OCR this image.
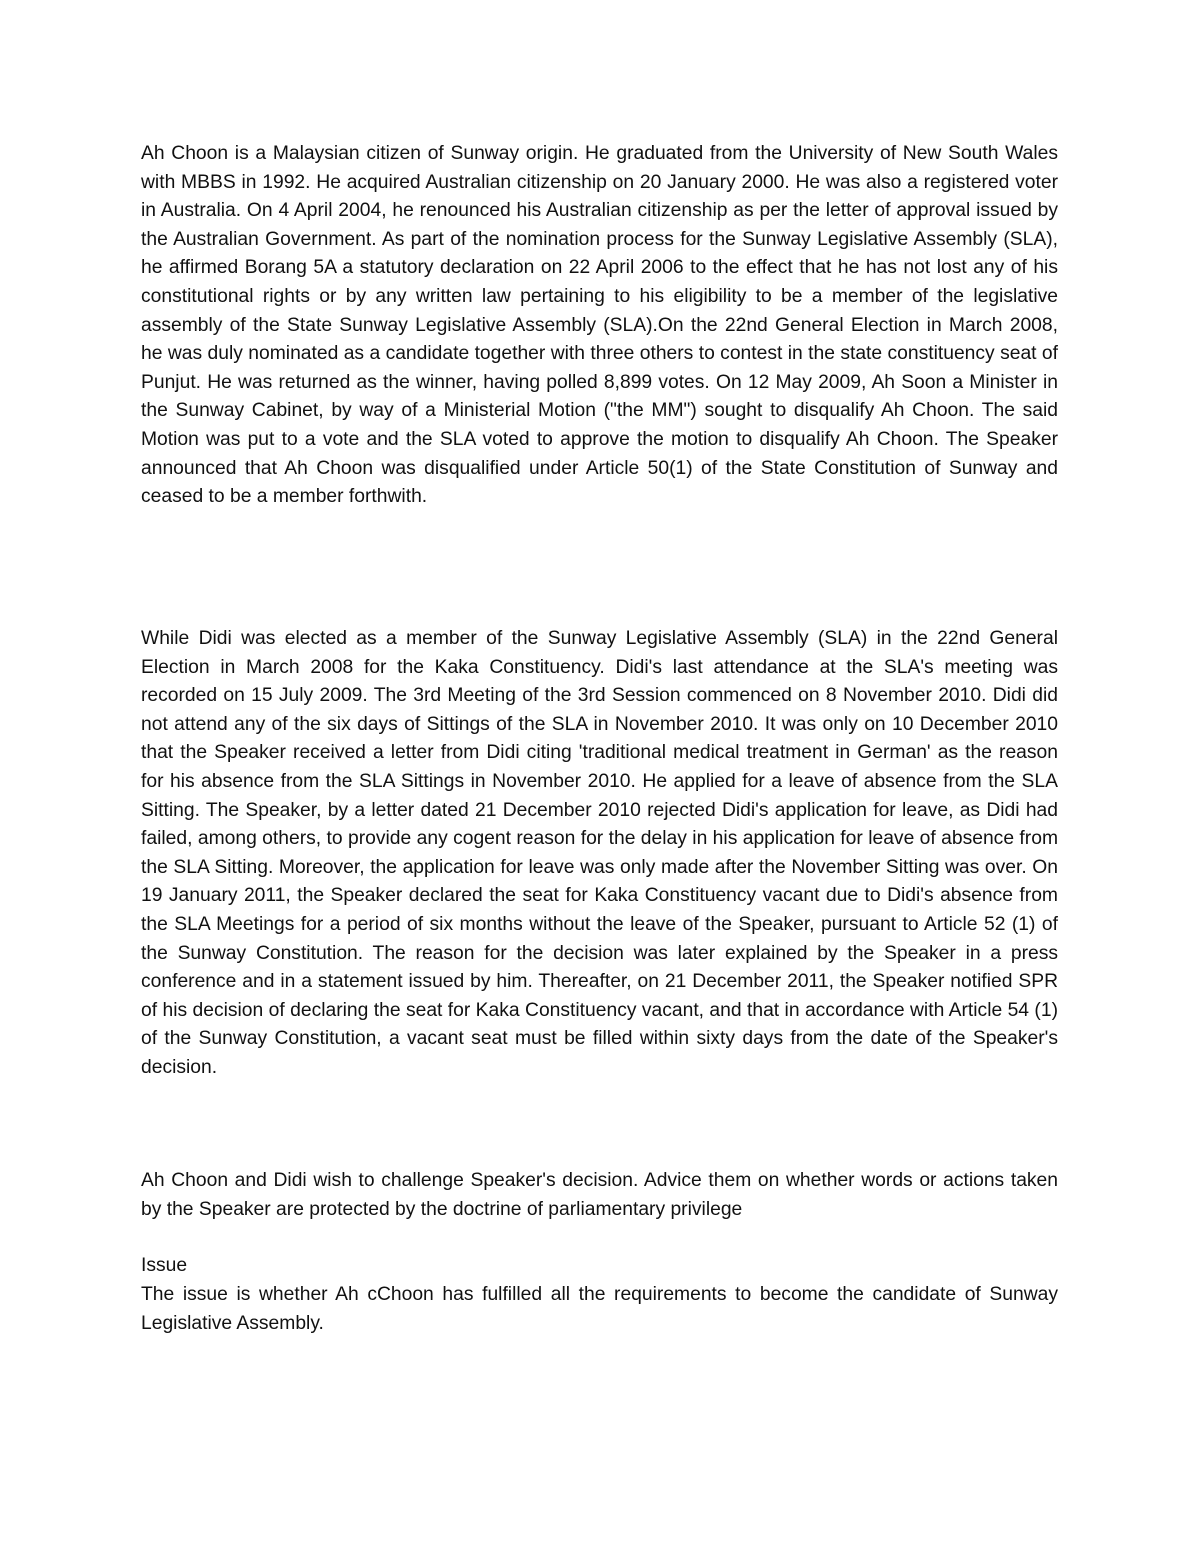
Ah Choon is a Malaysian citizen of Sunway origin. He graduated from the University of New South Wales with MBBS in 1992. He acquired Australian citizenship on 20 January 2000. He was also a registered voter in Australia. On 4 April 2004, he renounced his Australian citizenship as per the letter of approval issued by the Australian Government. As part of the nomination process for the Sunway Legislative Assembly (SLA), he affirmed Borang 5A a statutory declaration on 22 April 2006 to the effect that he has not lost any of his constitutional rights or by any written law pertaining to his eligibility to be a member of the legislative assembly of the State Sunway Legislative Assembly (SLA).On the 22nd General Election in March 2008, he was duly nominated as a candidate together with three others to contest in the state constituency seat of Punjut. He was returned as the winner, having polled 8,899 votes. On 12 May 2009, Ah Soon a Minister in the Sunway Cabinet, by way of a Ministerial Motion ("the MM") sought to disqualify Ah Choon. The said Motion was put to a vote and the SLA voted to approve the motion to disqualify Ah Choon. The Speaker announced that Ah Choon was disqualified under Article 50(1) of the State Constitution of Sunway and ceased to be a member forthwith.

While Didi was elected as a member of the Sunway Legislative Assembly (SLA) in the 22nd General Election in March 2008 for the Kaka Constituency. Didi's last attendance at the SLA's meeting was recorded on 15 July 2009. The 3rd Meeting of the 3rd Session commenced on 8 November 2010. Didi did not attend any of the six days of Sittings of the SLA in November 2010. It was only on 10 December 2010 that the Speaker received a letter from Didi citing 'traditional medical treatment in German' as the reason for his absence from the SLA Sittings in November 2010. He applied for a leave of absence from the SLA Sitting. The Speaker, by a letter dated 21 December 2010 rejected Didi's application for leave, as Didi had failed, among others, to provide any cogent reason for the delay in his application for leave of absence from the SLA Sitting. Moreover, the application for leave was only made after the November Sitting was over. On 19 January 2011, the Speaker declared the seat for Kaka Constituency vacant due to Didi's absence from the SLA Meetings for a period of six months without the leave of the Speaker, pursuant to Article 52 (1) of the Sunway Constitution. The reason for the decision was later explained by the Speaker in a press conference and in a statement issued by him. Thereafter, on 21 December 2011, the Speaker notified SPR of his decision of declaring the seat for Kaka Constituency vacant, and that in accordance with Article 54 (1) of the Sunway Constitution, a vacant seat must be filled within sixty days from the date of the Speaker's decision.

Ah Choon and Didi wish to challenge Speaker's decision. Advice them on whether words or actions taken by the Speaker are protected by the doctrine of parliamentary privilege

Issue

The issue is whether Ah cChoon has fulfilled all the requirements to become the candidate of Sunway Legislative Assembly.
